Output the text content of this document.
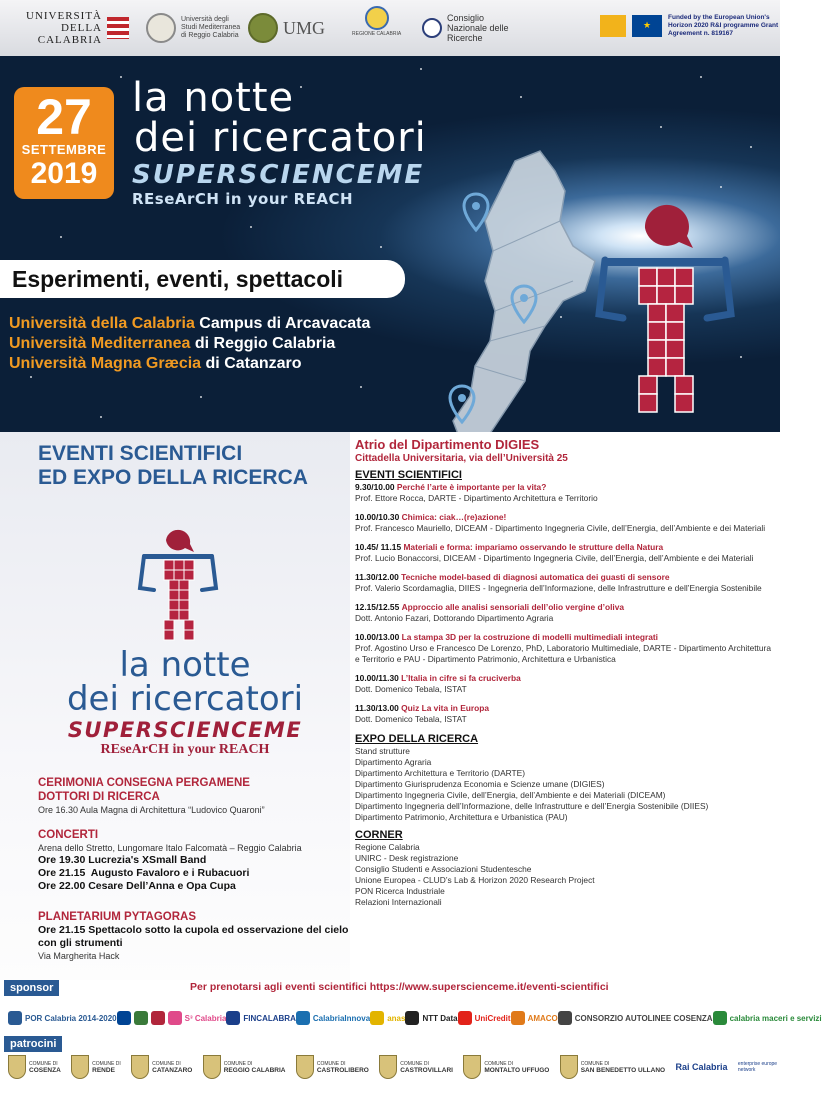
UNIVERSITÀ DELLA CALABRIA
Università degli Studi Mediterranea di Reggio Calabria UMG	REGIONE CALABRIA
Consiglio Nazionale delle Ricerche
★
Funded by the European Union's Horizon 2020 R&I programme Grant Agreement n. 819167
27
SETTEMBRE
2019
la notte
dei ricercatori
SUPERSCIENCEME
REseArCH in your REACH
Esperimenti, eventi, spettacoli
Università della Calabria Campus di Arcavacata
Università Mediterranea di Reggio Calabria
Università Magna Græcia di Catanzaro
EVENTI SCIENTIFICI
ED EXPO DELLA RICERCA
la notte
dei ricercatori
SUPERSCIENCEME
REseArCH in your REACH
CERIMONIA CONSEGNA PERGAMENE
DOTTORI DI RICERCA
Ore 16.30 Aula Magna di Architettura “Ludovico Quaroni”
CONCERTI
Arena dello Stretto, Lungomare Italo Falcomatà – Reggio Calabria
Ore 19.30 Lucrezia's XSmall Band
Ore 21.15  Augusto Favaloro e i Rubacuori
Ore 22.00 Cesare Dell’Anna e Opa Cupa
PLANETARIUM PYTAGORAS
Ore 21.15 Spettacolo sotto la cupola ed osservazione del cielo
con gli strumenti
Via Margherita Hack
Atrio del Dipartimento DIGIES
Cittadella Universitaria, via dell’Università 25
EVENTI SCIENTIFICI
9.30/10.00 Perché l’arte è importante per la vita?
Prof. Ettore Rocca, DARTE - Dipartimento Architettura e Territorio
10.00/10.30 Chimica: ciak…(re)azione!
Prof. Francesco Mauriello, DICEAM - Dipartimento Ingegneria Civile, dell’Energia, dell’Ambiente e dei Materiali
10.45/ 11.15 Materiali e forma: impariamo osservando le strutture della Natura
Prof. Lucio Bonaccorsi, DICEAM - Dipartimento Ingegneria Civile, dell’Energia, dell’Ambiente e dei Materiali
11.30/12.00 Tecniche model-based di diagnosi automatica dei guasti di sensore
Prof. Valerio Scordamaglia, DIIES - Ingegneria dell’Informazione, delle Infrastrutture e dell’Energia Sostenibile
12.15/12.55 Approccio alle analisi sensoriali dell’olio vergine d’oliva
Dott. Antonio Fazari, Dottorando Dipartimento Agraria
10.00/13.00 La stampa 3D per la costruzione di modelli multimediali integrati
Prof. Agostino Urso e Francesco De Lorenzo, PhD, Laboratorio Multimediale, DARTE - Dipartimento Architettura e Territorio e PAU - Dipartimento Patrimonio, Architettura e Urbanistica
10.00/11.30 L’Italia in cifre si fa cruciverba
Dott. Domenico Tebala, ISTAT
11.30/13.00 Quiz La vita in Europa
Dott. Domenico Tebala, ISTAT
EXPO DELLA RICERCA
Stand strutture
Dipartimento Agraria
Dipartimento Architettura e Territorio (DARTE)
Dipartimento Giurisprudenza Economia e Scienze umane (DIGIES)
Dipartimento Ingegneria Civile, dell’Energia, dell’Ambiente e dei Materiali (DICEAM)
Dipartimento Ingegneria dell’Informazione, delle Infrastrutture e dell’Energia Sostenibile (DIIES)
Dipartimento Patrimonio, Architettura e Urbanistica (PAU)
CORNER
Regione Calabria
UNIRC - Desk registrazione
Consiglio Studenti e Associazioni Studentesche
Unione Europea - CLUD’s Lab & Horizon 2020 Research Project
PON Ricerca Industriale
Relazioni Internazionali
sponsor	Per prenotarsi agli eventi scientifici https://www.superscienceme.it/eventi-scientifici
POR Calabria 2014-2020	S³ Calabria FINCALABRA CalabriaInnova anas NTT Data UniCredit AMACO CONSORZIO AUTOLINEE COSENZA calabria maceri e servizi
patrocini
COMUNE DI
COSENZA
COMUNE DI
RENDE
COMUNE DI
CATANZARO
COMUNE DI
REGGIO CALABRIA
COMUNE DI
CASTROLIBERO
COMUNE DI
CASTROVILLARI
COMUNE DI
MONTALTO UFFUGO
COMUNE DI
SAN BENEDETTO ULLANO Rai Calabria enterprise europe network
